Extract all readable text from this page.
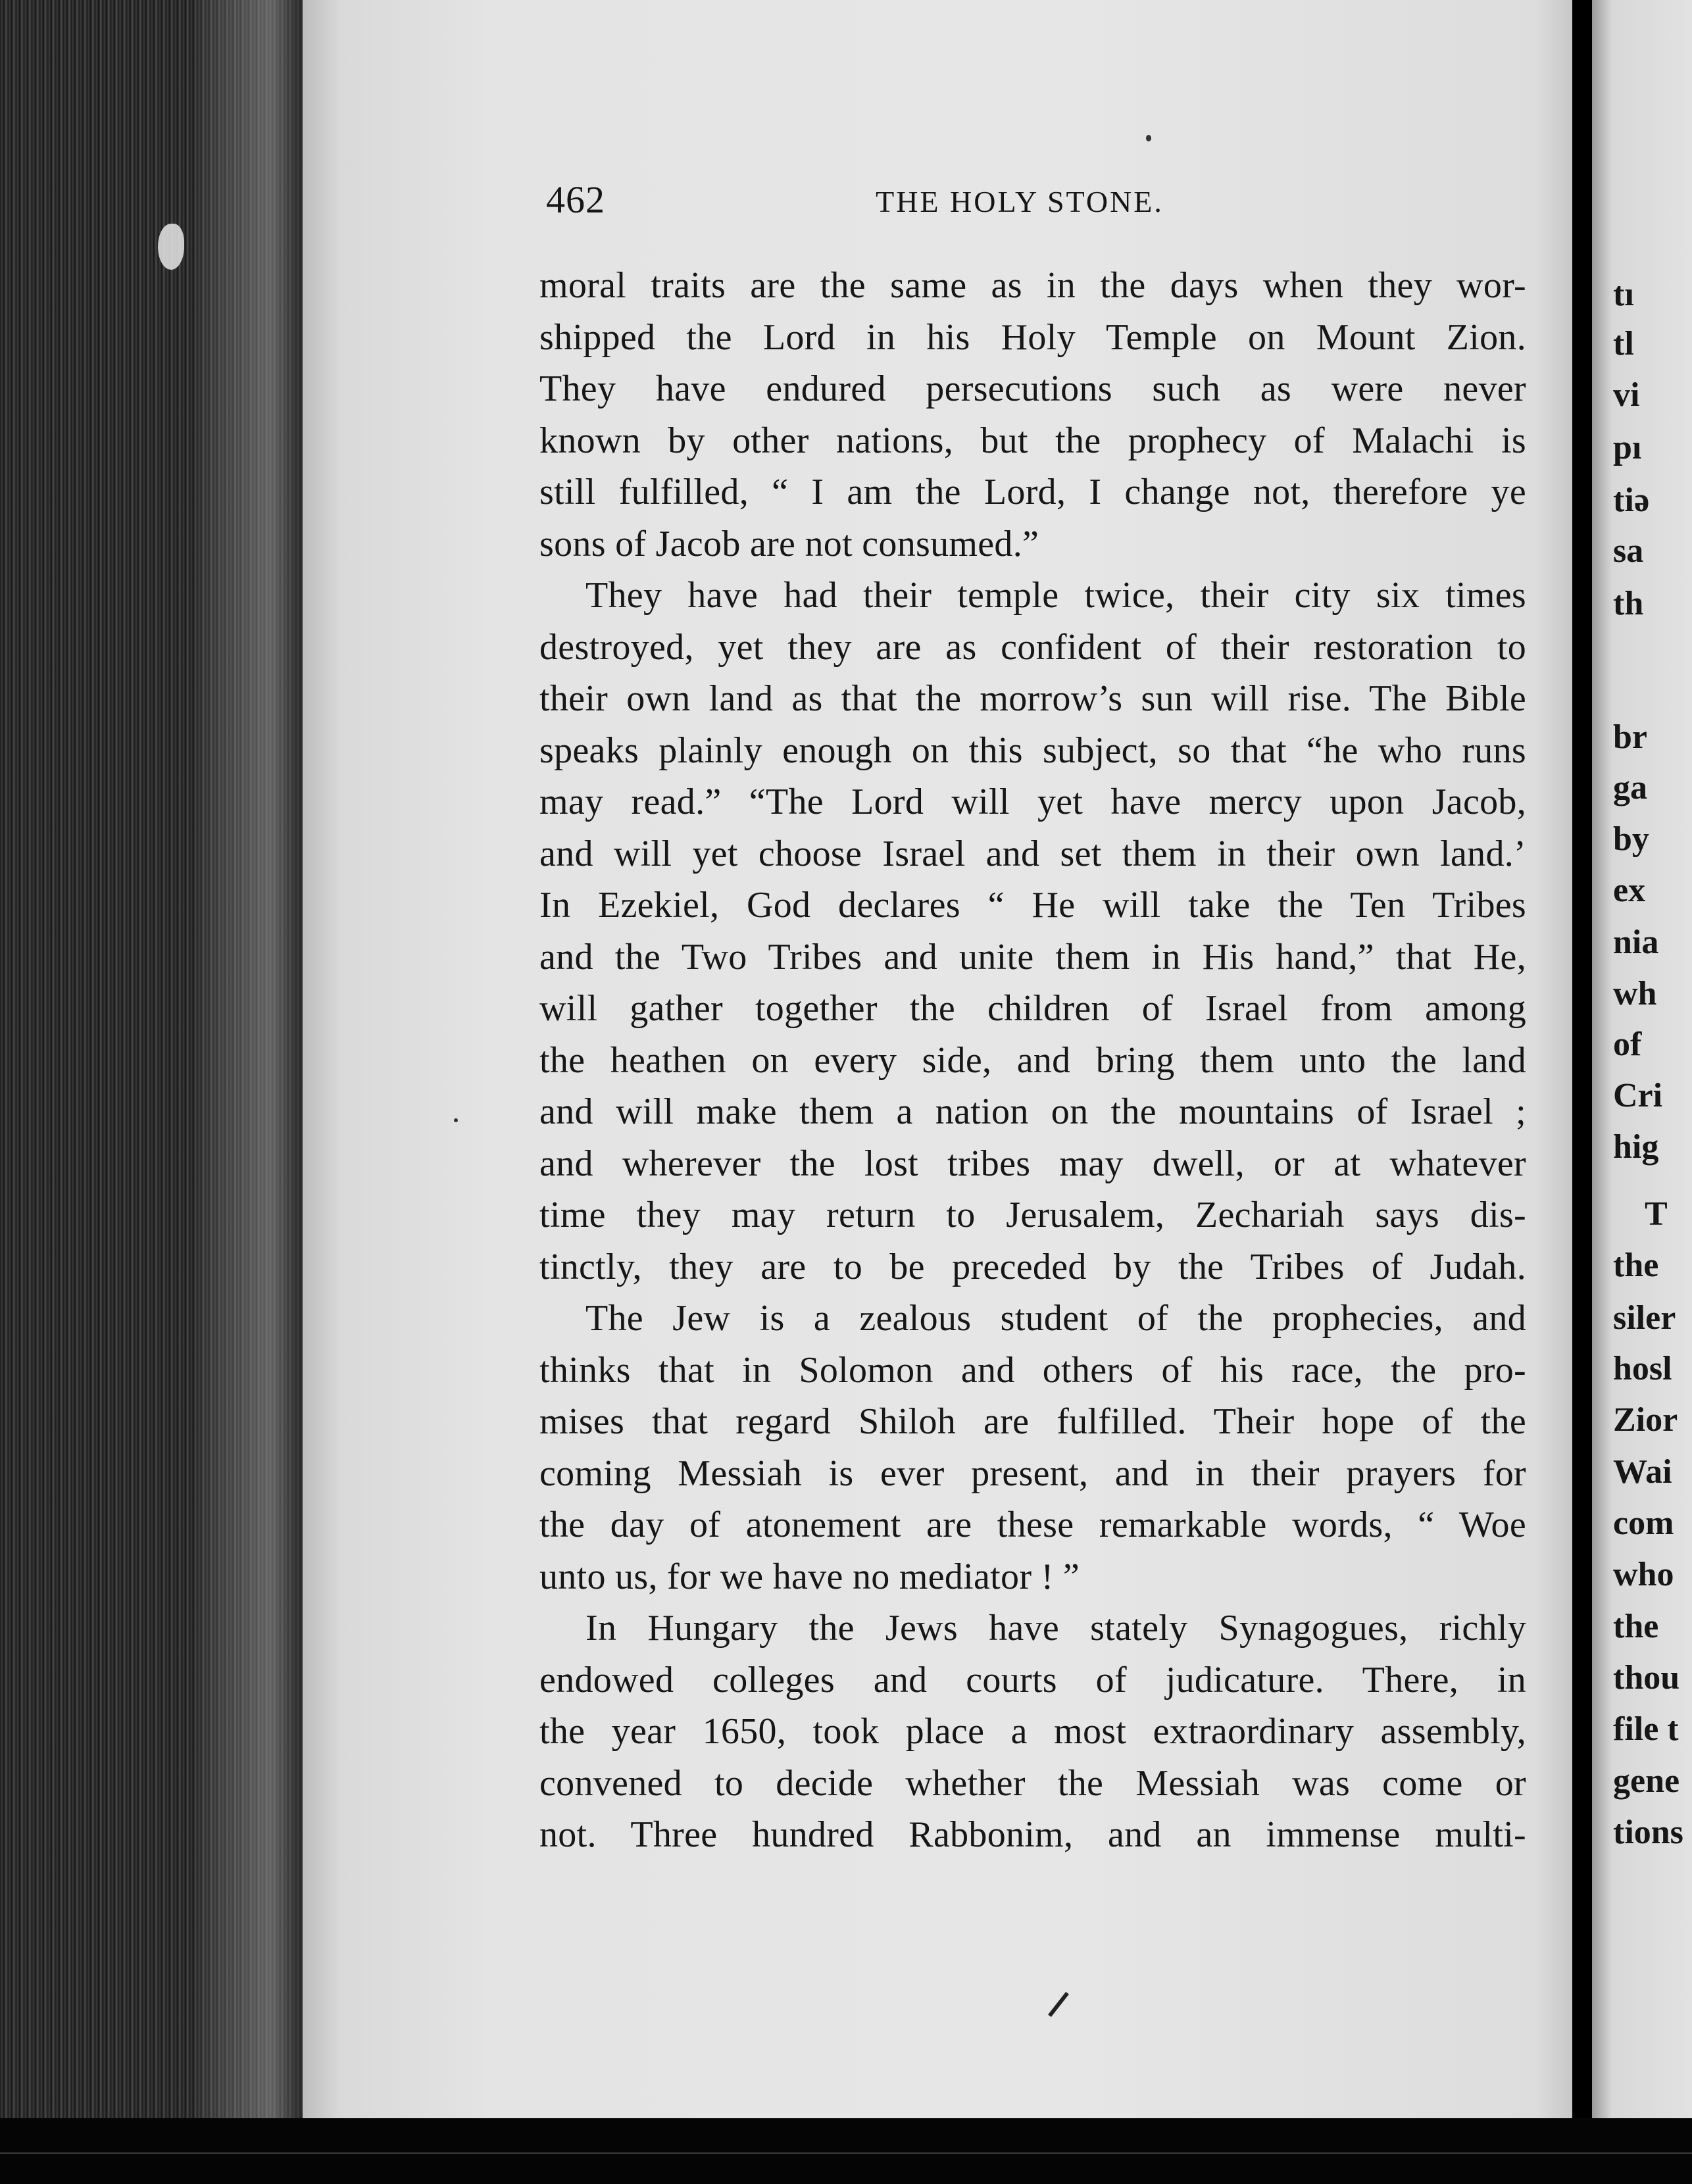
462	THE HOLY STONE.
moral traits are the same as in the days when they wor-
shipped the Lord in his Holy Temple on Mount Zion.
They have endured persecutions such as were never
known by other nations, but the prophecy of Malachi is
still fulfilled, “ I am the Lord, I change not, therefore ye
sons of Jacob are not consumed.”
They have had their temple twice, their city six times
destroyed, yet they are as confident of their restoration to
their own land as that the morrow’s sun will rise. The Bible
speaks plainly enough on this subject, so that “he who runs
may read.” “The Lord will yet have mercy upon Jacob,
and will yet choose Israel and set them in their own land.’
In Ezekiel, God declares “ He will take the Ten Tribes
and the Two Tribes and unite them in His hand,” that He,
will gather together the children of Israel from among
the heathen on every side, and bring them unto the land
and will make them a nation on the mountains of Israel ;
and wherever the lost tribes may dwell, or at whatever
time they may return to Jerusalem, Zechariah says dis-
tinctly, they are to be preceded by the Tribes of Judah.
The Jew is a zealous student of the prophecies, and
thinks that in Solomon and others of his race, the pro-
mises that regard Shiloh are fulfilled. Their hope of the
coming Messiah is ever present, and in their prayers for
the day of atonement are these remarkable words, “ Woe
unto us, for we have no mediator ! ”
In Hungary the Jews have stately Synagogues, richly
endowed colleges and courts of judicature. There, in
the year 1650, took place a most extraordinary assembly,
convened to decide whether the Messiah was come or
not. Three hundred Rabbonim, and an immense multi-
tı
tl
vi
pı
tiǝ
sa
th
br
ga
by
ex
nia
wh
of
Cri
hig
T
the
siler
hosl
Zior
Wai
com
who
the
thou
file t
gene
tions
